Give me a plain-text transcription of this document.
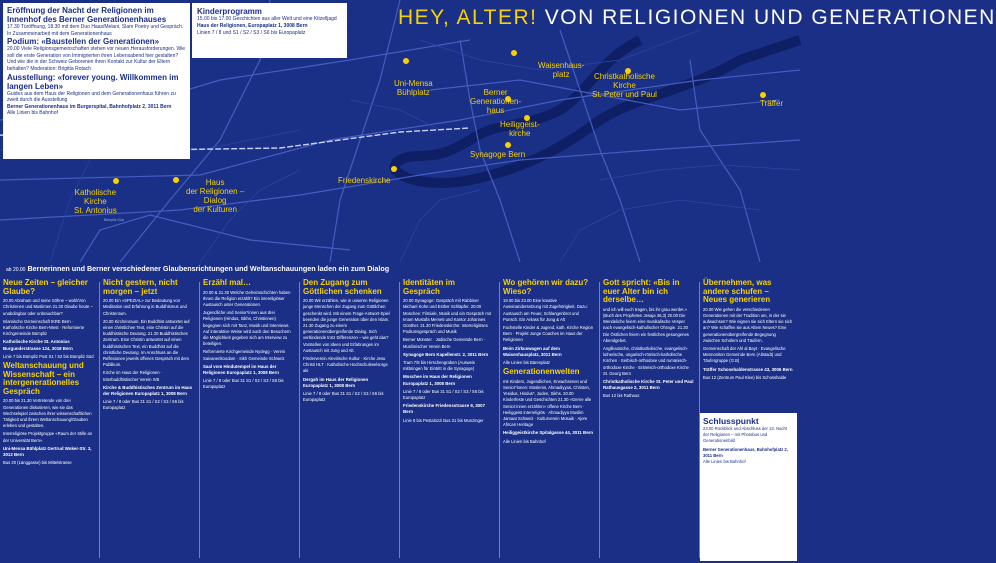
HEY, ALTER! VON RELIGIONEN UND GENERATIONEN
Waisenhaus-
platz	Christkatholische
Kirche
St. Peter und Paul
Uni-Mensa
Bühlplatz	Berner
Generationen-
haus
Heiliggeist-
kirche
Synagoge Bern
Träffer
Friedenskirche
Haus
der Religionen –
Dialog
der Kulturen
Katholische
Kirche
St. Antonius
Bümpliz Süd
Eröffnung der Nacht der Religionen im Innenhof des Berner Generationenhauses

17.30 Türöffnung, 18.30 mit dem Duo Haas/Melani, Slam Poetry und Gespräch. In Zusammenarbeit mit dem Generationenhaus

Podium: «Baustellen der Generationen»

20.00 Viele Religionsgemeinschaften stehen vor neuen Herausforderungen. Wie soll die erste Generation von Immigrierten ihren Lebensabend hier gestalten? Und wie die in der Schweiz Geborenen ihren Kontakt zur Kultur der Eltern behalten? Moderation: Brigitta Rotach

Ausstellung: «forever young. Willkommen im langen Leben»

Guides aus dem Haus der Religionen und dem Generationenhaus führen zu zweit durch die Ausstellung

Berner Generationenhaus im Burgerspital, Bahnhofplatz 2, 3011 Bern

Alle Linien bis Bahnhof

Kinderprogramm

15.00 bis 17.00 Geschichten aus aller Welt und eine Kitzelljagd

Haus der Religionen, Europaplatz 1, 3008 Bern

Linien 7 / 8 und S1 / S2 / S3 / S6 bis Europaplatz

ab 20.00 Bernerinnen und Berner verschiedener Glaubensrichtungen und Weltanschauungen laden ein zum Dialog
Neue Zeiten – gleicher Glaube?

20.00 Abraham und seine Söhne – wohl/Von Christinnen und Muslimen 21.30 Glaube heute – unabdingbar oder unbrauchbar?

Islamische Gemeinschaft IKRE Bern · Katholische Kirche Bern-West · Reformierte Kirchgemeinde Bümpliz

Katholische Kirche St. Antonius Burgunderstrasse 124, 3018 Bern

Linie 7 bis Bümpliz Post S1 / S2 bis Bümpliz Süd

Weltanschauung und Wissenschaft – ein intergenerationelles Gespräch

20.00 bis 21.30 Vertretende von drei Generationen diskutieren, wie sie das Wechselspiel zwischen ihrer wissenschaftlichen Tätigkeit und ihrem Weltanschauung/Glauben erleben und gestalten.

Interreligiöse Projektgruppe «Raum der Stille an der Universität Bern»

Uni-Mensa Bühlplatz Gertrud Woker-Str. 3, 3012 Bern

Bus 20 (Länggasse) bis Mittelstrasse

Nicht gestern, nicht morgen – jetzt

20.00 Ein «SPEZIAL» zur Bedeutung von Meditation und Erfahrung in Buddhismus und Christentum.

20.00 Kirchenraum. Ein Buddhist antwortet auf einen christlichen Text, eine Christin auf die buddhistische Deutung. 21.30 Buddhistisches Zentrum. Eine Christin antwortet auf einen buddhistischen Text, ein Buddhist auf die christliche Deutung. Im Anschluss an die Reflexionen jeweils offenes Gespräch mit dem Publikum.

Kirche im Haus der Religionen · Interbuddhistischer Verein IVB

Kirche & Buddhistisches Zentrum im Haus der Religionen Europaplatz 1, 3008 Bern

Linie 7 / 8 oder Bus 31 S1 / S2 / S3 / S6 bis Europaplatz

Erzähl mal…

20.00 & 21.30 Welche Geheimschichten haben Ihnen die Religion erzählt? Ein intereligiöser Austausch unter Generationen.

Jugendliche und Senior*innen aus drei Religionen (Hindus, Sikhs, Christinnen) begegnen sich mit Tanz, Musik und Interviews. Auf interaktive Weise wird auch den Besuchern die Möglichkeit gegeben sich am Interview zu beteiligen.

Reformierte Kirchgemeinde Nydegg · Verein Saivanerikoodam · Sikh Gemeinde Schweiz

Saal vom Hindutempel im Haus der Religionen Europaplatz 1, 3008 Bern

Linie 7 / 8 oder Bus 31 S1 / S2 / S3 / S6 bis Europaplatz

Den Zugang zum Göttlichen schenken

20.00 Wir erzählen, wie in unseren Religionen junge Menschen der Zugang zum Göttlichen geschenkt wird. Mit einem Frage-Antwort-Spiel beenden die junge Generation über den Islam. 21.30 Zugang zu einem generationenübergreifende Dialog. Sich verbindende trotz Differenzen – wie geht das? Vorstellen von Ideen und Erfahrungen im Austausch mit Jung und Alt.

Förderverein Alevitische Kultur · Kirche Jesu Christi HLT · Katholische Hochschulseelsorge aki

Dergah im Haus der Religionen Europaplatz 1, 3008 Bern

Linie 7 / 8 oder Bus 31 S1 / S2 / S3 / S6 bis Europaplatz

Identitäten im Gespräch

20.00 Synagoge: Gespräch mit Rabbiner Michael Kohn und Esther Schläpfer. 20.00 Moschee: Filmiale, Musik und ein Gespräch mit Imam Mustafa Memeti und Kantor Johannes Günther. 21.30 Friedenskirche: Interreligiöses Podiumsgespräch und Musik

Berner Münster · Jüdische Gemeinde Bern · Muslimischer Verein Bern

Synagoge Bern Kapellenstr. 2, 3011 Bern

Tram 7/8 bis Hirschengraben (Ausweis mitbringen für Eintritt in die Synagoge)

Moschee im Haus der Religionen Europaplatz 1, 3008 Bern

Linie 7 / 8 oder Bus 31 S1 / S2 / S3 / S6 bis Europaplatz

Friedenskirche Friedensstrasse 9, 3007 Bern

Linie 6 bis Pestalozzi Bus 31 bis Munzinger

Wo gehören wir dazu? Wieso?

19.00 bis 23.00 Eine kreative Auseinandersetzung mit Zugehörigkeit. Dazu: Austausch am Feuer, Schlangenbrot und Punsch. Ein Anlass für Jung & Alt

Fachstelle Kinder & Jugend, kath. Kirche Region Bern · Projekt Junge Coaches im Haus der Religionen

Beim Zirkuswagen auf dem Waisenhausplatz, 3011 Bern

Alle Linien bis Bärenplatz

Generationenwelten

mit Kindern, Jugendlichen, Erwachsenen und Senior*innen: Moslems, Ahmadiyyas, Christen, Yesidus, Hindus*, Juden, Sikhs. 20.00 Kinderfeste und Geschichten 21.30 «Gerne alle Senior:innen erzählen» offene Kirche Bern · Heiliggeist interreligiös · Ahmadiyya Muslim Jamaat Schweiz · Kulturverein Mosaik · Ajere African Heritage

Heiliggeistkirche Spitalgasse 44, 3011 Bern

Alle Linien bis Bahnhof

Gott spricht: «Bis in euer Alter bin ich derselbe…

und ich will euch tragen, bis ihr grau werdet.» (Buch des Propheten Jesaja 46,3) 20.00 Die Wendeliche feiern eine musikalische Vesper nach evangelisch-katholischer Ohragie. 21.30 Die Östlichen feiern ein festliches gesungenes Abendgebet.

Anglikanische, christkatholische, evangelisch-lutherische, ungarisch-römisch-katholische Kirchen · Serbisch-orthodoxe und rumänisch-orthodoxe Kirche · Eritreisch-orthodoxe Kirche St. Georg Bern

Christkatholische Kirche St. Peter und Paul Rathausgasse 2, 3011 Bern

Bus 12 bis Rathaus

Übernehmen, was andere schufen – Neues generieren

20.00 Wie gehen die verschiedenen Generationen mit der Tradition um, in der sie aufwachsen? Wie eignen sie sich Eltern sie sich an? Wie schaffen sie aus Altem Neues? Eine generationenübergreifende Begegnung zwischen Schülern und Täufern.

Gemeinschaft der Ahl al Bayt · Evangelische Mennoniten Gemeinde Bern (Altstadt) und Täufergruppe (G.B)

Träffer Schosshaldenstrasse 43, 3006 Bern

Bus 12 (Zentrum Paul Klee) bis Schosshalde

Schlusspunkt

23.00 Rückblick und Abschluss der 13. Nacht der Religionen – mit Photobus und Generationenbild

Berner Generationenhaus, Bahnhofplatz 2, 3011 Bern

Alle Linien bis Bahnhof
